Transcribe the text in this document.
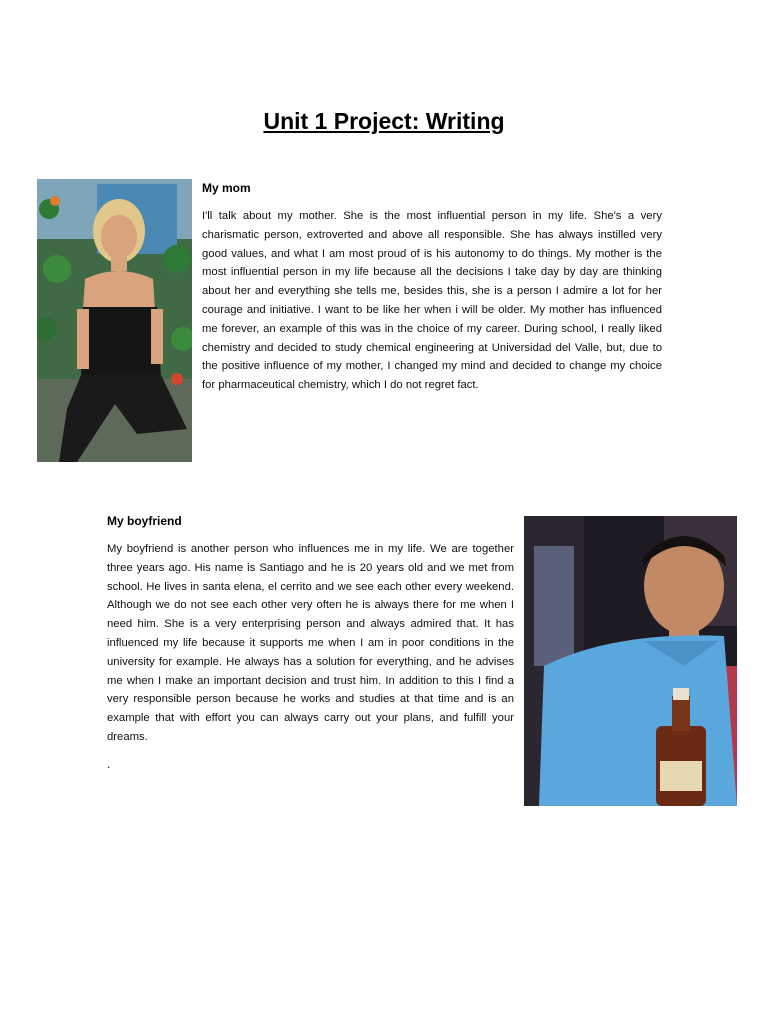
Unit 1 Project: Writing
My mom

I'll talk about my mother. She is the most influential person in my life. She's a very charismatic person, extroverted and above all responsible. She has always instilled very good values, and what I am most proud of is his autonomy to do things. My mother is the most influential person in my life because all the decisions I take day by day are thinking about her and everything she tells me, besides this, she is a person I admire a lot for her courage and initiative. I want to be like her when i will be older. My mother has influenced me forever, an example of this was in the choice of my career. During school, I really liked chemistry and decided to study chemical engineering at Universidad del Valle, but, due to the positive influence of my mother, I changed my mind and decided to change my choice for pharmaceutical chemistry, which I do not regret fact.

My boyfriend

My boyfriend is another person who influences me in my life. We are together three years ago. His name is Santiago and he is 20 years old and we met from school. He lives in santa elena, el cerrito and we see each other every weekend. Although we do not see each other very often he is always there for me when I need him. She is a very enterprising person and always admired that. It has influenced my life because it supports me when I am in poor conditions in the university for example. He always has a solution for everything, and he advises me when I make an important decision and trust him. In addition to this I find a very responsible person because he works and studies at that time and is an example that with effort you can always carry out your plans, and fulfill your dreams.

.
